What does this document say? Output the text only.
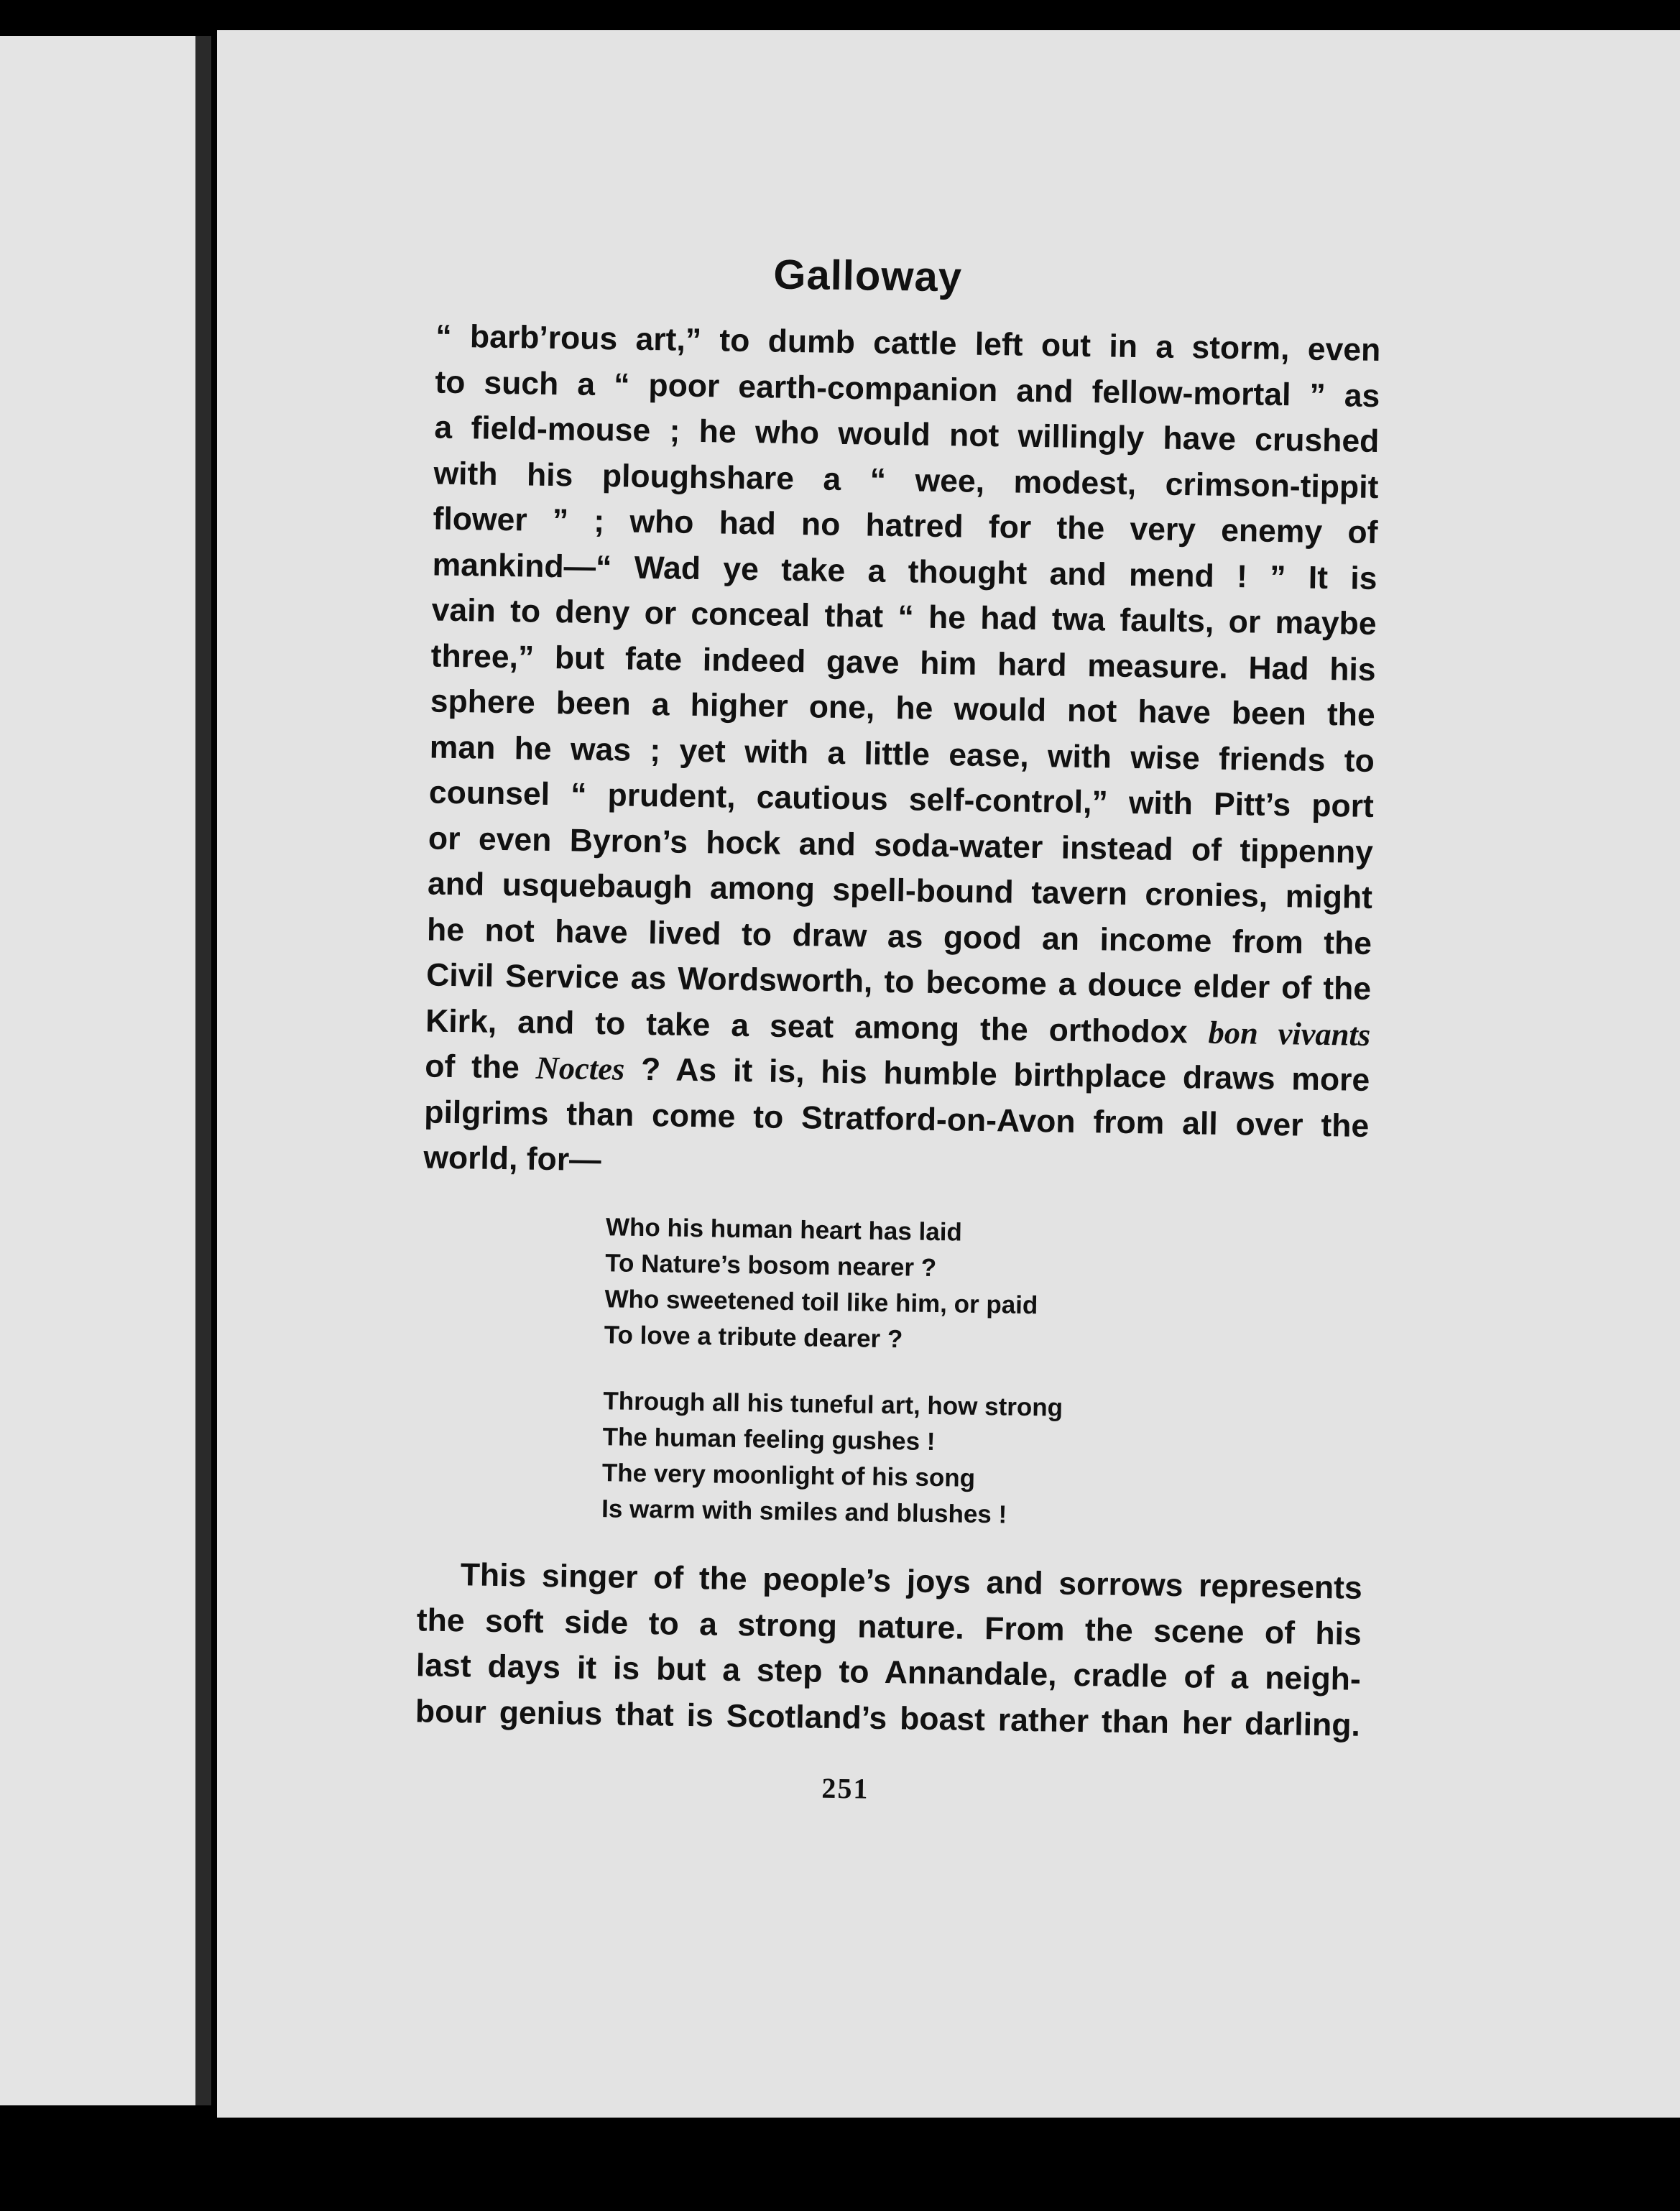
Galloway
“ barb’rous art,” to dumb cattle left out in a storm, even
to such a “ poor earth-companion and fellow-mortal ” as
a field-mouse ; he who would not willingly have crushed
with his ploughshare a “ wee, modest, crimson-tippit
flower ” ; who had no hatred for the very enemy of
mankind—“ Wad ye take a thought and mend ! ” It is
vain to deny or conceal that “ he had twa faults, or maybe
three,” but fate indeed gave him hard measure. Had his
sphere been a higher one, he would not have been the
man he was ; yet with a little ease, with wise friends to
counsel “ prudent, cautious self-control,” with Pitt’s port
or even Byron’s hock and soda-water instead of tippenny
and usquebaugh among spell-bound tavern cronies, might
he not have lived to draw as good an income from the
Civil Service as Wordsworth, to become a douce elder of the
Kirk, and to take a seat among the orthodox bon vivants
of the Noctes ? As it is, his humble birthplace draws more
pilgrims than come to Stratford-on-Avon from all over the
world, for—
Who his human heart has laid
To Nature’s bosom nearer ?
Who sweetened toil like him, or paid
To love a tribute dearer ?
Through all his tuneful art, how strong
The human feeling gushes !
The very moonlight of his song
Is warm with smiles and blushes !
This singer of the people’s joys and sorrows represents
the soft side to a strong nature. From the scene of his
last days it is but a step to Annandale, cradle of a neigh-
bour genius that is Scotland’s boast rather than her darling.
251
